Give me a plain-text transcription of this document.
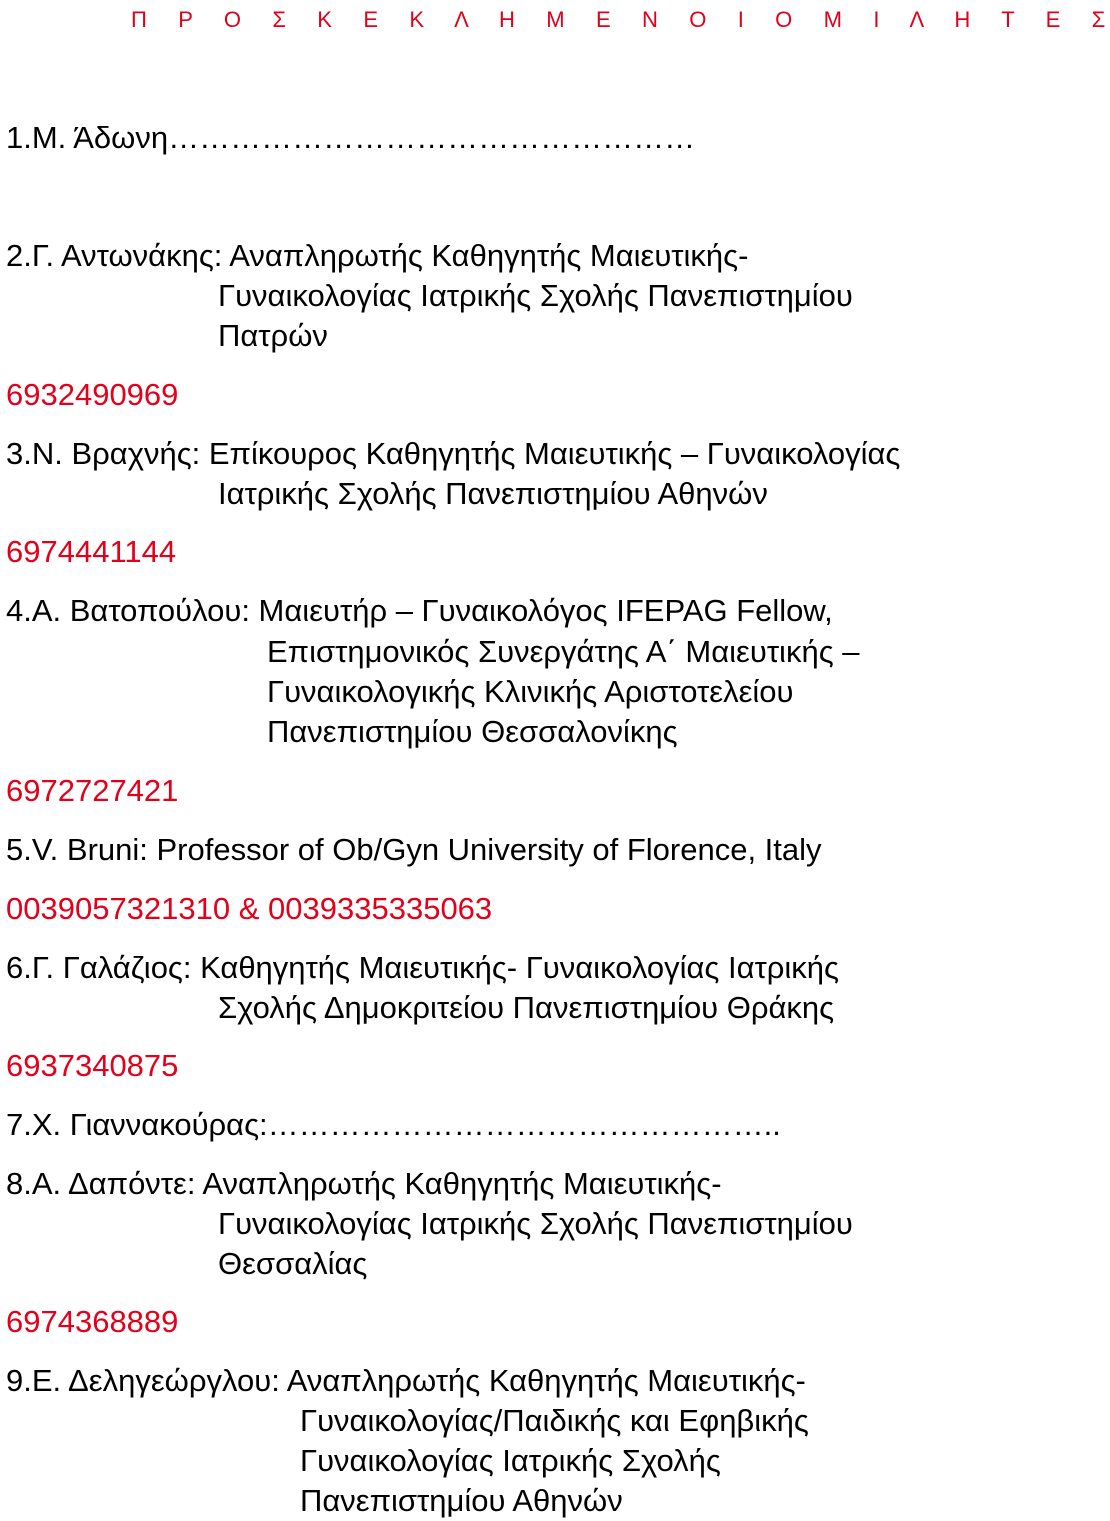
Π Ρ Ο Σ Κ Ε Κ Λ Η Μ Ε Ν Ο Ι Ο Μ Ι Λ Η Τ Ε Σ
1.Μ. Άδωνη……………………………………………
2.Γ. Αντωνάκης: Αναπληρωτής Καθηγητής Μαιευτικής-
Γυναικολογίας Ιατρικής Σχολής Πανεπιστημίου
Πατρών
6932490969
3.Ν. Βραχνής: Επίκουρος Καθηγητής Μαιευτικής – Γυναικολογίας
Ιατρικής Σχολής Πανεπιστημίου Αθηνών
6974441144
4.Α. Βατοπούλου: Μαιευτήρ – Γυναικολόγος IFEPAG Fellow,
Επιστημονικός Συνεργάτης Α΄ Μαιευτικής –
Γυναικολογικής Κλινικής Αριστοτελείου
Πανεπιστημίου Θεσσαλονίκης
6972727421
5.V. Bruni: Professor of Ob/Gyn University of Florence, Italy
0039057321310 & 0039335335063
6.Γ. Γαλάζιος: Καθηγητής Μαιευτικής- Γυναικολογίας Ιατρικής
Σχολής Δημοκριτείου Πανεπιστημίου Θράκης
6937340875
7.Χ. Γιαννακούρας:…………………………………………..
8.Α. Δαπόντε: Αναπληρωτής Καθηγητής Μαιευτικής-
Γυναικολογίας Ιατρικής Σχολής Πανεπιστημίου
Θεσσαλίας
6974368889
9.Ε. Δεληγεώργλου: Αναπληρωτής Καθηγητής Μαιευτικής-
Γυναικολογίας/Παιδικής και Εφηβικής
Γυναικολογίας Ιατρικής Σχολής
Πανεπιστημίου Αθηνών
